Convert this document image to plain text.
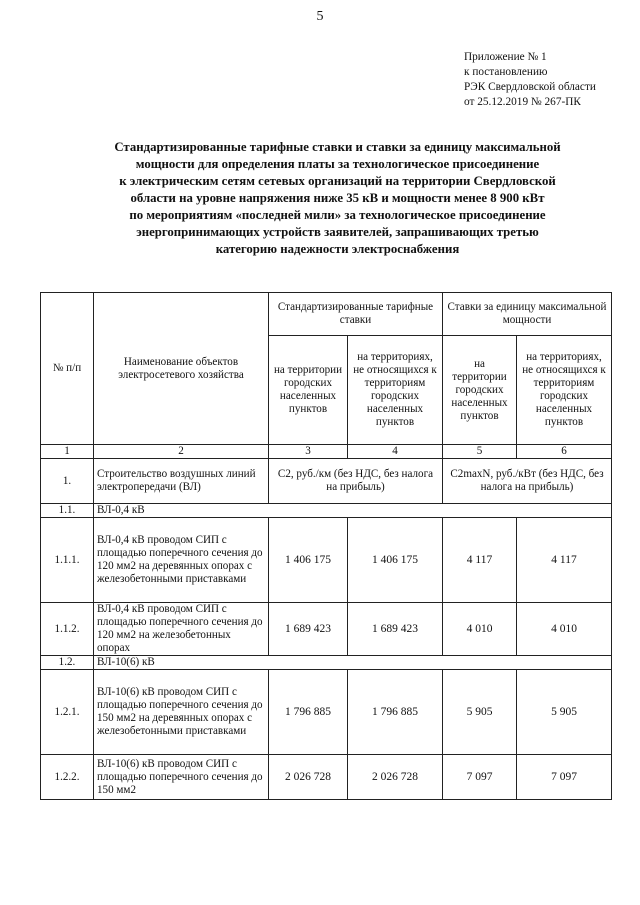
5
Приложение № 1
к постановлению
РЭК Свердловской области
от 25.12.2019 № 267-ПК
Стандартизированные тарифные ставки и ставки за единицу максимальной
мощности для определения платы за технологическое присоединение
к электрическим сетям сетевых организаций на территории Свердловской
области на уровне напряжения ниже 35 кВ и мощности менее 8 900 кВт
по мероприятиям «последней мили» за технологическое присоединение
энергопринимающих устройств заявителей, запрашивающих третью
категорию надежности электроснабжения
№ п/п	Наименование объектов электросетевого хозяйства	Стандартизированные тарифные ставки		Ставки за единицу максимальной мощности	
		на территории городских населенных пунктов	на территориях, не относящихся к территориям городских населенных пунктов	на территории городских населенных пунктов	на территориях, не относящихся к территориям городских населенных пунктов
1	2	3	4	5	6
1.	Строительство воздушных линий электропередачи (ВЛ)	С2, руб./км (без НДС, без налога на прибыль)		С2maxN, руб./кВт (без НДС, без налога на прибыль)	
1.1.	ВЛ-0,4 кВ				
1.1.1.	ВЛ-0,4 кВ проводом СИП с площадью поперечного сечения до 120 мм2 на деревянных опорах с железобетонными приставками	1 406 175	1 406 175	4 117	4 117
1.1.2.	ВЛ-0,4 кВ проводом СИП с площадью поперечного сечения до 120 мм2 на железобетонных опорах	1 689 423	1 689 423	4 010	4 010
1.2.	ВЛ-10(6) кВ				
1.2.1.	ВЛ-10(6) кВ проводом СИП с площадью поперечного сечения до 150 мм2 на деревянных опорах с железобетонными приставками	1 796 885	1 796 885	5 905	5 905
1.2.2.	ВЛ-10(6) кВ проводом СИП с площадью поперечного сечения до 150 мм2	2 026 728	2 026 728	7 097	7 097
